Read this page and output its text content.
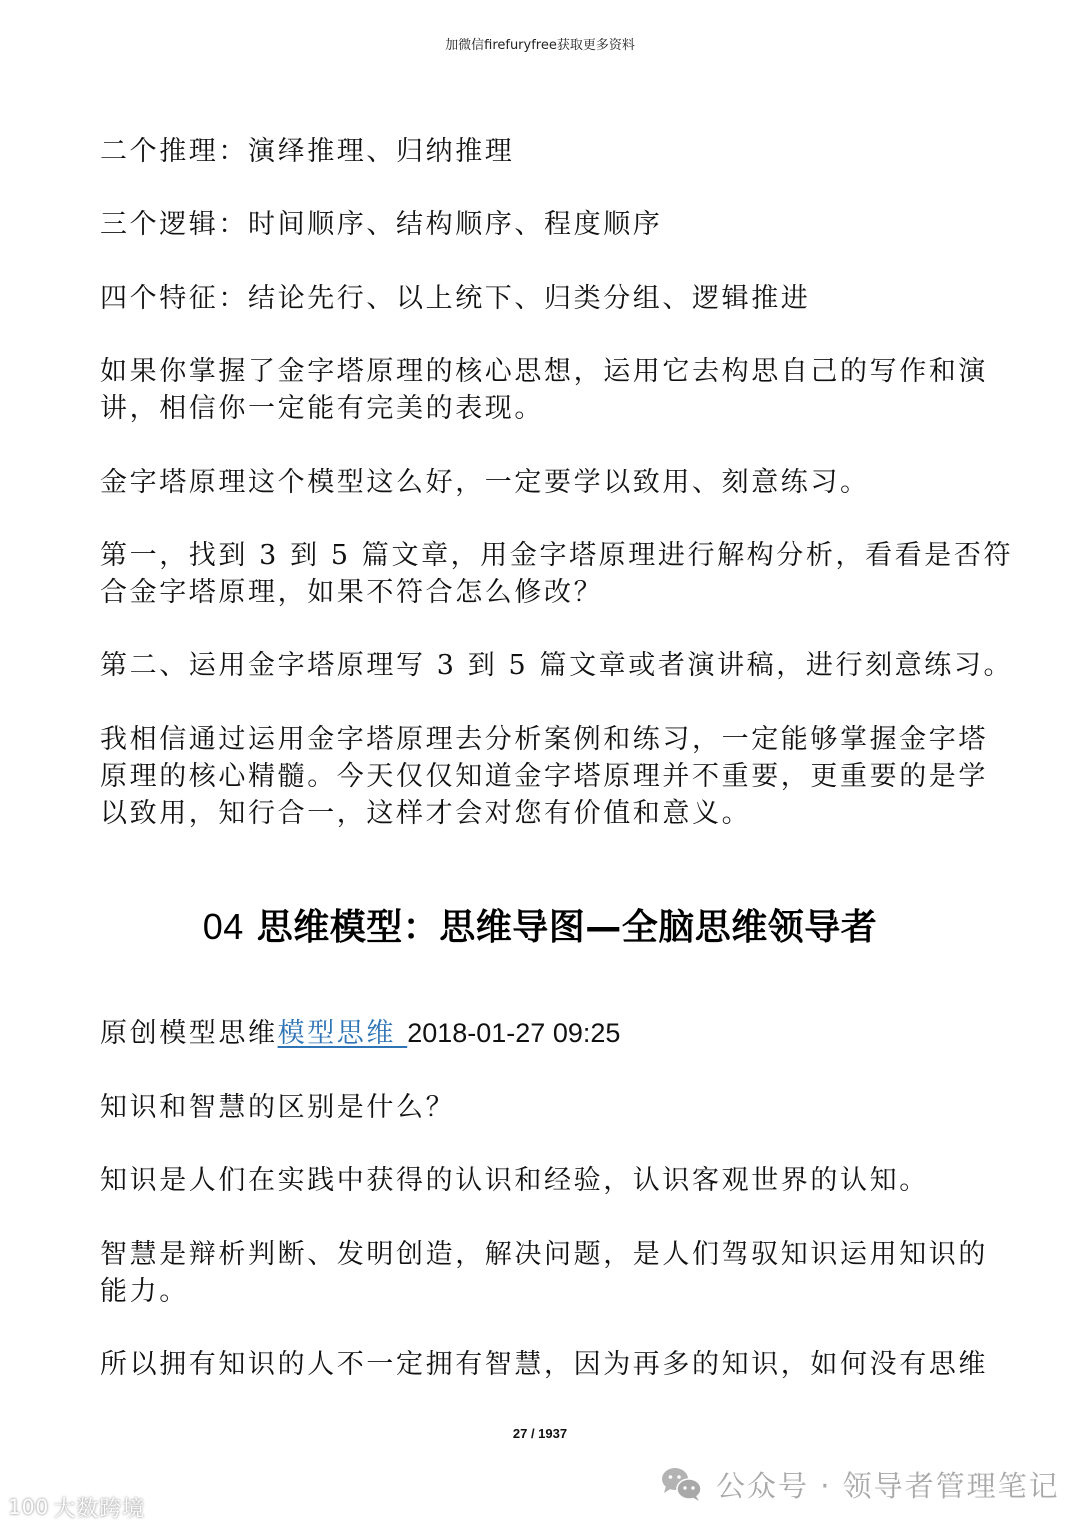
加微信firefuryfree获取更多资料
二个推理：演绎推理、归纳推理
三个逻辑：时间顺序、结构顺序、程度顺序
四个特征：结论先行、以上统下、归类分组、逻辑推进
如果你掌握了金字塔原理的核心思想，运用它去构思自己的写作和演
讲，相信你一定能有完美的表现。
金字塔原理这个模型这么好，一定要学以致用、刻意练习。
第一，找到 3 到 5 篇文章，用金字塔原理进行解构分析，看看是否符
合金字塔原理，如果不符合怎么修改？
第二、运用金字塔原理写 3 到 5 篇文章或者演讲稿，进行刻意练习。
我相信通过运用金字塔原理去分析案例和练习，一定能够掌握金字塔
原理的核心精髓。今天仅仅知道金字塔原理并不重要，更重要的是学
以致用，知行合一，这样才会对您有价值和意义。
原创模型思维模型思维 2018-01-27 09:25
知识和智慧的区别是什么？
知识是人们在实践中获得的认识和经验，认识客观世界的认知。
智慧是辩析判断、发明创造，解决问题，是人们驾驭知识运用知识的
能力。
所以拥有知识的人不一定拥有智慧，因为再多的知识，如何没有思维
04 思维模型：思维导图—全脑思维领导者
27 / 1937
公众号 · 领导者管理笔记
100 大数跨境
